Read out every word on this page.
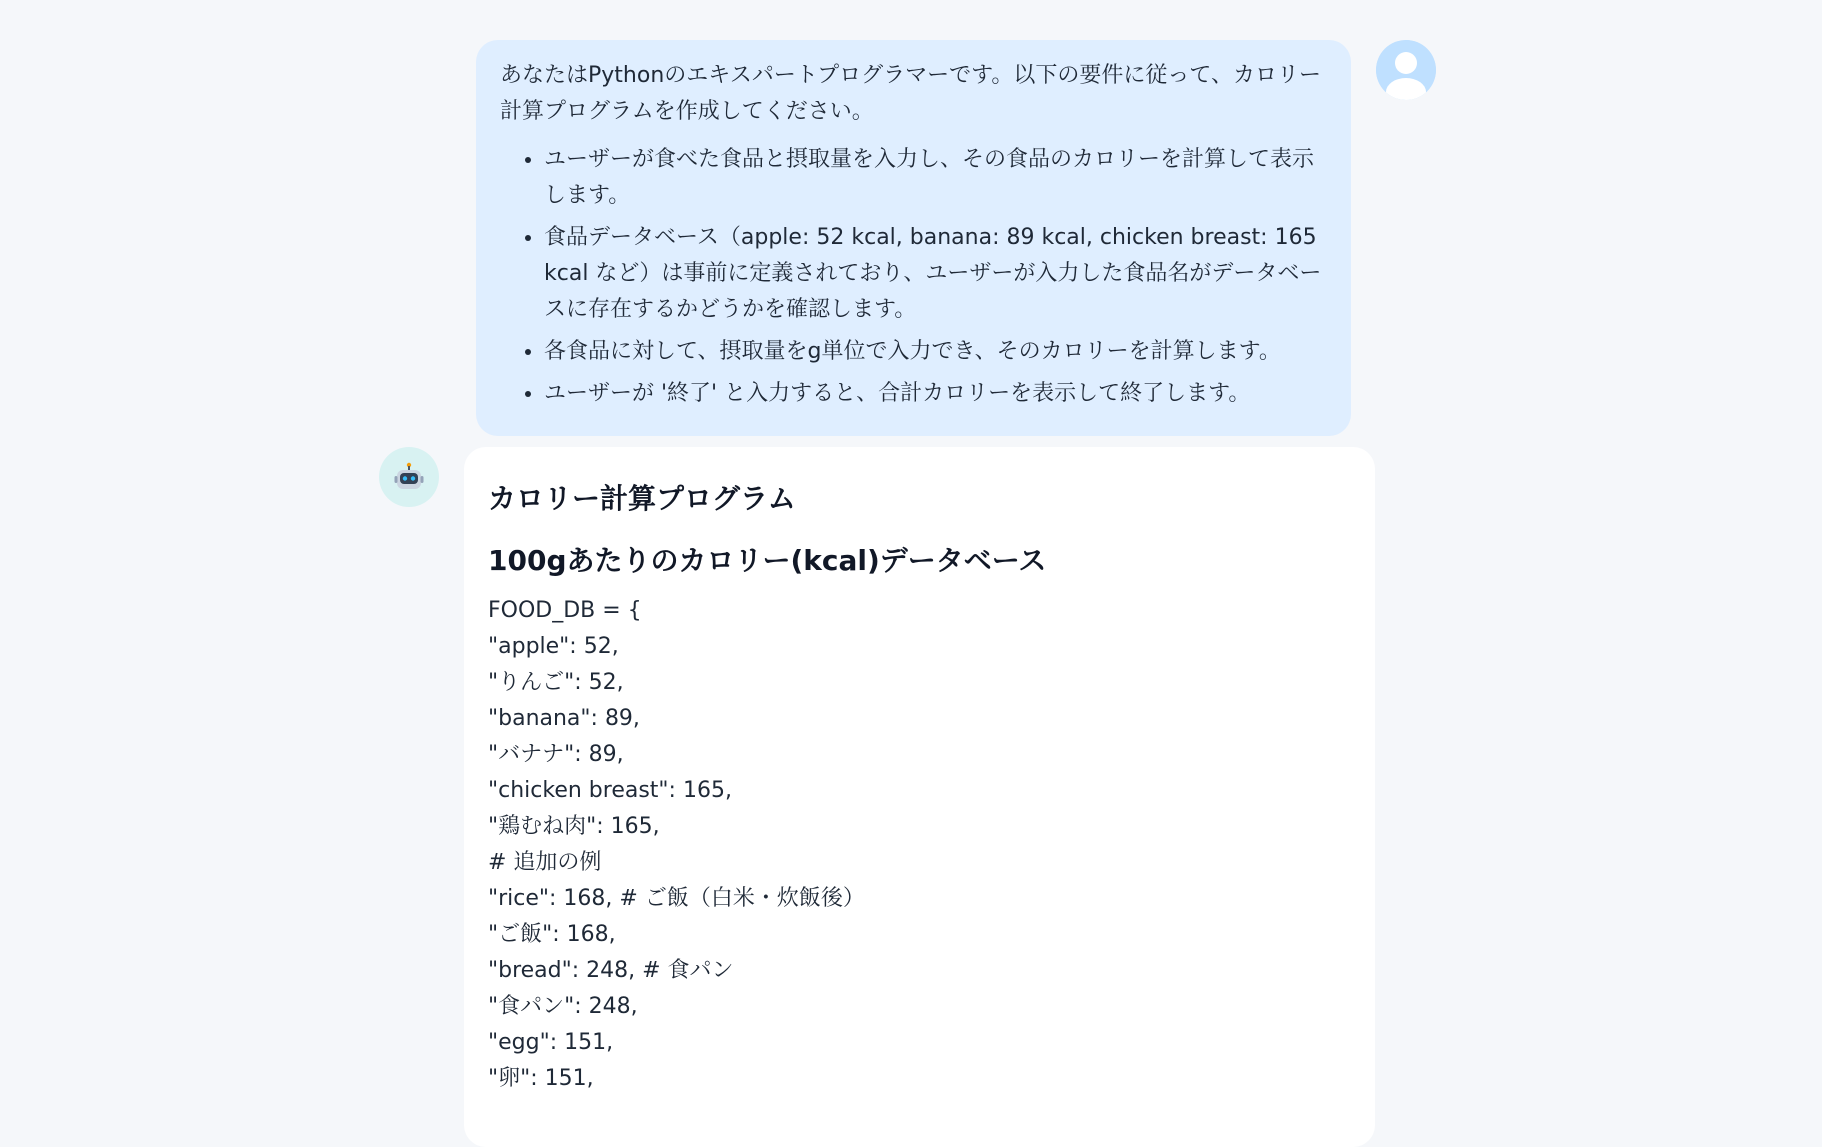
あなたはPythonのエキスパートプログラマーです。以下の要件に従って、カロリー計算プログラムを作成してください。

• ユーザーが食べた食品と摂取量を入力し、その食品のカロリーを計算して表示します。
• 食品データベース（apple: 52 kcal, banana: 89 kcal, chicken breast: 165 kcal など）は事前に定義されており、ユーザーが入力した食品名がデータベースに存在するかどうかを確認します。
• 各食品に対して、摂取量をg単位で入力でき、そのカロリーを計算します。
• ユーザーが '終了' と入力すると、合計カロリーを表示して終了します。
カロリー計算プログラム
100gあたりのカロリー(kcal)データベース

FOOD_DB = {

"apple": 52,

"りんご": 52,

"banana": 89,

"バナナ": 89,

"chicken breast": 165,

"鶏むね肉": 165,

# 追加の例

"rice": 168, # ご飯（白米・炊飯後）

"ご飯": 168,

"bread": 248, # 食パン

"食パン": 248,

"egg": 151,

"卵": 151,
